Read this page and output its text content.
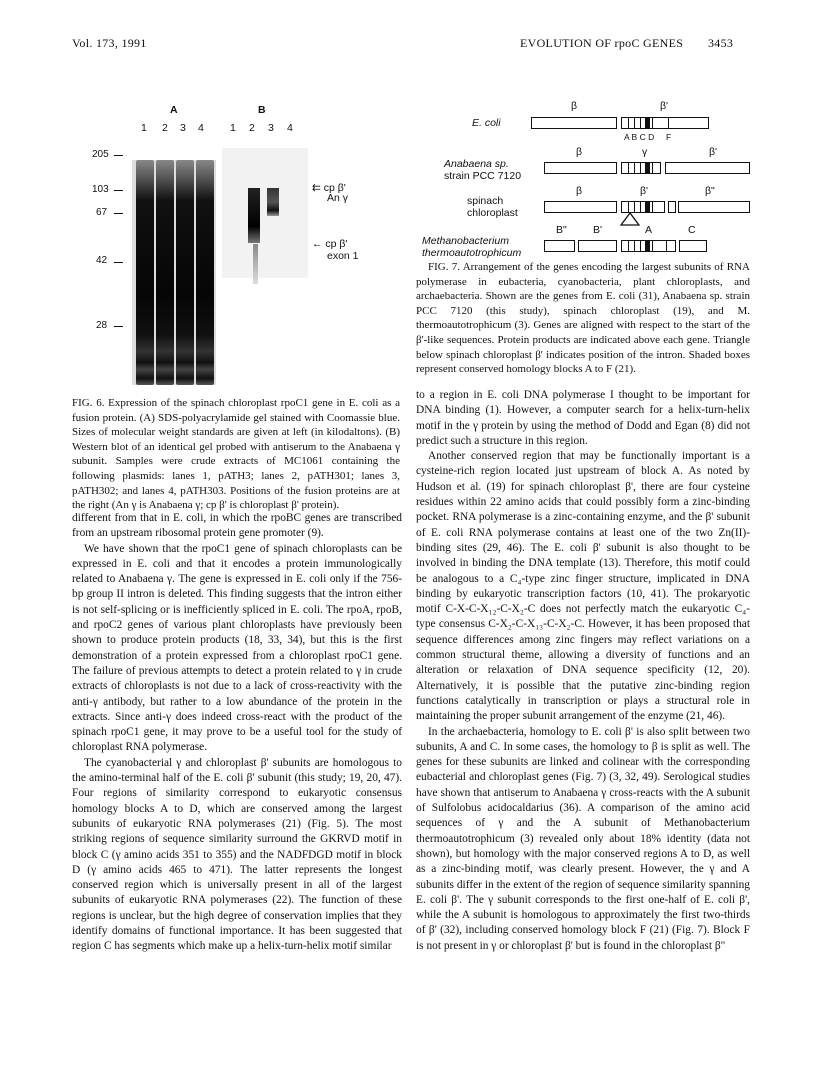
Vol. 173, 1991	EVOLUTION OF rpoC GENES 3453
A	B
1 2 3 4 1 2 3 4
205
103
67
42
28
⇇ cp β'
An γ
← cp β'
exon 1
FIG. 6. Expression of the spinach chloroplast rpoC1 gene in E. coli as a fusion protein. (A) SDS-polyacrylamide gel stained with Coomassie blue. Sizes of molecular weight standards are given at left (in kilodaltons). (B) Western blot of an identical gel probed with antiserum to the Anabaena γ subunit. Samples were crude extracts of MC1061 containing the following plasmids: lanes 1, pATH3; lanes 2, pATH301; lanes 3, pATH302; and lanes 4, pATH303. Positions of the fusion proteins are at the right (An γ is Anabaena γ; cp β' is chloroplast β' protein).
E. coli
β	β'
A B C D     F
Anabaena sp.
strain PCC 7120
β	γ	β'
spinach
chloroplast
β	β'	β"
Methanobacterium
thermoautotrophicum
B"	B'	A	C
FIG. 7. Arrangement of the genes encoding the largest subunits of RNA polymerase in eubacteria, cyanobacteria, plant chloroplasts, and archaebacteria. Shown are the genes from E. coli (31), Anabaena sp. strain PCC 7120 (this study), spinach chloroplast (19), and M. thermoautotrophicum (3). Genes are aligned with respect to the start of the β'-like sequences. Protein products are indicated above each gene. Triangle below spinach chloroplast β' indicates position of the intron. Shaded boxes represent conserved homology blocks A to F (21).

different from that in E. coli, in which the rpoBC genes are transcribed from an upstream ribosomal protein gene promoter (9).

We have shown that the rpoC1 gene of spinach chloroplasts can be expressed in E. coli and that it encodes a protein immunologically related to Anabaena γ. The gene is expressed in E. coli only if the 756-bp group II intron is deleted. This finding suggests that the intron either is not self-splicing or is inefficiently spliced in E. coli. The rpoA, rpoB, and rpoC2 genes of various plant chloroplasts have previously been shown to produce protein products (18, 33, 34), but this is the first demonstration of a protein expressed from a chloroplast rpoC1 gene. The failure of previous attempts to detect a protein related to γ in crude extracts of chloroplasts is not due to a lack of cross-reactivity with the anti-γ antibody, but rather to a low abundance of the protein in the extracts. Since anti-γ does indeed cross-react with the product of the spinach rpoC1 gene, it may prove to be a useful tool for the study of chloroplast RNA polymerase.

The cyanobacterial γ and chloroplast β' subunits are homologous to the amino-terminal half of the E. coli β' subunit (this study; 19, 20, 47). Four regions of similarity correspond to eukaryotic consensus homology blocks A to D, which are conserved among the largest subunits of eukaryotic RNA polymerases (21) (Fig. 5). The most striking regions of sequence similarity surround the GKRVD motif in block C (γ amino acids 351 to 355) and the NADFDGD motif in block D (γ amino acids 465 to 471). The latter represents the longest conserved region which is universally present in all of the largest subunits of eukaryotic RNA polymerases (22). The function of these regions is unclear, but the high degree of conservation implies that they identify domains of functional importance. It has been suggested that region C has segments which make up a helix-turn-helix motif similar

to a region in E. coli DNA polymerase I thought to be important for DNA binding (1). However, a computer search for a helix-turn-helix motif in the γ protein by using the method of Dodd and Egan (8) did not predict such a structure in this region.

Another conserved region that may be functionally important is a cysteine-rich region located just upstream of block A. As noted by Hudson et al. (19) for spinach chloroplast β', there are four cysteine residues within 22 amino acids that could possibly form a zinc-binding pocket. RNA polymerase is a zinc-containing enzyme, and the β' subunit of E. coli RNA polymerase contains at least one of the two Zn(II)-binding sites (29, 46). The E. coli β' subunit is also thought to be involved in binding the DNA template (13). Therefore, this motif could be analogous to a C₄-type zinc finger structure, implicated in DNA binding by eukaryotic transcription factors (10, 41). The prokaryotic motif C-X-C-X₁₂-C-X₂-C does not perfectly match the eukaryotic C₄-type consensus C-X₂-C-X₁₃-C-X₂-C. However, it has been proposed that sequence differences among zinc fingers may reflect variations on a common structural theme, allowing a diversity of functions and an alteration or relaxation of DNA sequence specificity (12, 20). Alternatively, it is possible that the putative zinc-binding region functions catalytically in transcription or plays a structural role in maintaining the proper subunit arrangement of the enzyme (21, 46).

In the archaebacteria, homology to E. coli β' is also split between two subunits, A and C. In some cases, the homology to β is split as well. The genes for these subunits are linked and colinear with the corresponding eubacterial and chloroplast genes (Fig. 7) (3, 32, 49). Serological studies have shown that antiserum to Anabaena γ cross-reacts with the A subunit of Sulfolobus acidocaldarius (36). A comparison of the amino acid sequences of γ and the A subunit of Methanobacterium thermoautotrophicum (3) revealed only about 18% identity (data not shown), but homology with the major conserved regions A to D, as well as a zinc-binding motif, was clearly present. However, the γ and A subunits differ in the extent of the region of sequence similarity spanning E. coli β'. The γ subunit corresponds to the first one-half of E. coli β', while the A subunit is homologous to approximately the first two-thirds of β' (32), including conserved homology block F (21) (Fig. 7). Block F is not present in γ or chloroplast β' but is found in the chloroplast β"
